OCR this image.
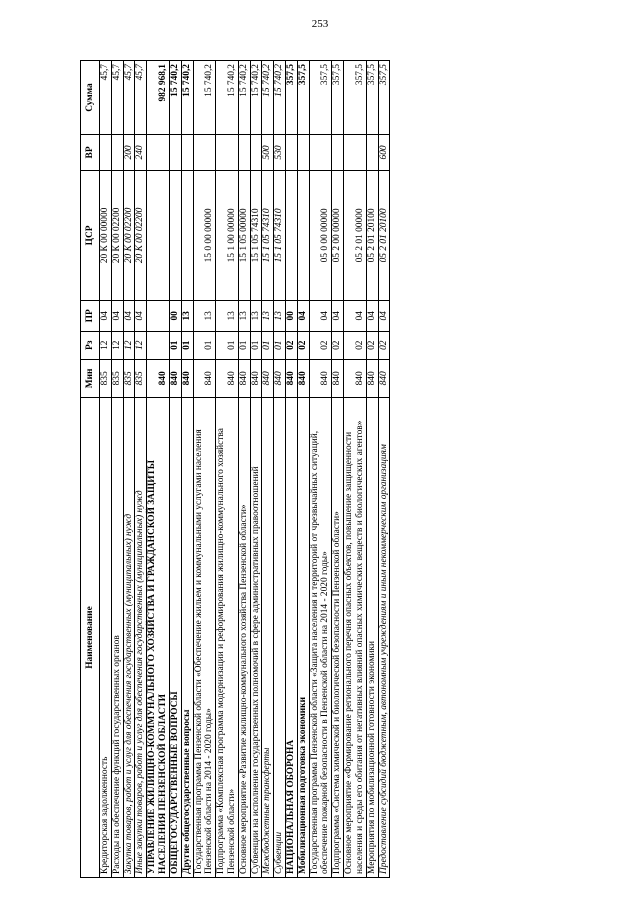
253
Наименование	Мин	Рз	ПР	ЦСР	ВР	Сумма
Кредиторская задолженность	835	12	04	20 К 00 00000		45,7
Расходы на обеспечение функций государственных органов	835	12	04	20 К 00 02200		45,7
Закупка товаров, работ и услуг для обеспечения государственных (муниципальных) нужд	835	12	04	20 К 00 02200	200	45,7
Иные закупки товаров, работ и услуг для обеспечения государственных (муниципальных) нужд	835	12	04	20 К 00 02200	240	45,7
УПРАВЛЕНИЕ ЖИЛИЩНО-КОММУНАЛЬНОГО ХОЗЯЙСТВА И ГРАЖДАНСКОЙ ЗАЩИТЫ НАСЕЛЕНИЯ ПЕНЗЕНСКОЙ ОБЛАСТИ	840					982 968,1
ОБЩЕГОСУДАРСТВЕННЫЕ ВОПРОСЫ	840	01	00			15 740,2
Другие общегосударственные вопросы	840	01	13			15 740,2
Государственная программа Пензенской области «Обеспечение жильем и коммунальными услугами населения Пензенской области на 2014 - 2020 годы»	840	01	13	15 0 00 00000		15 740,2
Подпрограмма «Комплексная программа модернизации и реформирования жилищно-коммунального хозяйства Пензенской области»	840	01	13	15 1 00 00000		15 740,2
Основное мероприятие «Развитие жилищно-коммунального хозяйства Пензенской области»	840	01	13	15 1 05 00000		15 740,2
Субвенции на исполнение государственных полномочий в сфере административных правоотношений	840	01	13	15 1 05 74310		15 740,2
Межбюджетные трансферты	840	01	13	15 1 05 74310	500	15 740,2
Субвенции	840	01	13	15 1 05 74310	530	15 740,2
НАЦИОНАЛЬНАЯ ОБОРОНА	840	02	00			357,5
Мобилизационная подготовка экономики	840	02	04			357,5
Государственная программа Пензенской области «Защита населения и территорий от чрезвычайных ситуаций, обеспечение пожарной безопасности в Пензенской области на 2014 - 2020 годы»	840	02	04	05 0 00 00000		357,5
Подпрограмма «Система химической и биологической безопасности Пензенской области»	840	02	04	05 2 00 00000		357,5
Основное мероприятие «Формирование регионального перечня опасных объектов, повышение защищенности населения и среды его обитания от негативных влияний опасных химических веществ и биологических агентов»	840	02	04	05 2 01 00000		357,5
Мероприятия по мобилизационной готовности экономики	840	02	04	05 2 01 20100		357,5
Предоставление субсидий бюджетным, автономным учреждениям и иным некоммерческим организациям	840	02	04	05 2 01 20100	600	357,5
